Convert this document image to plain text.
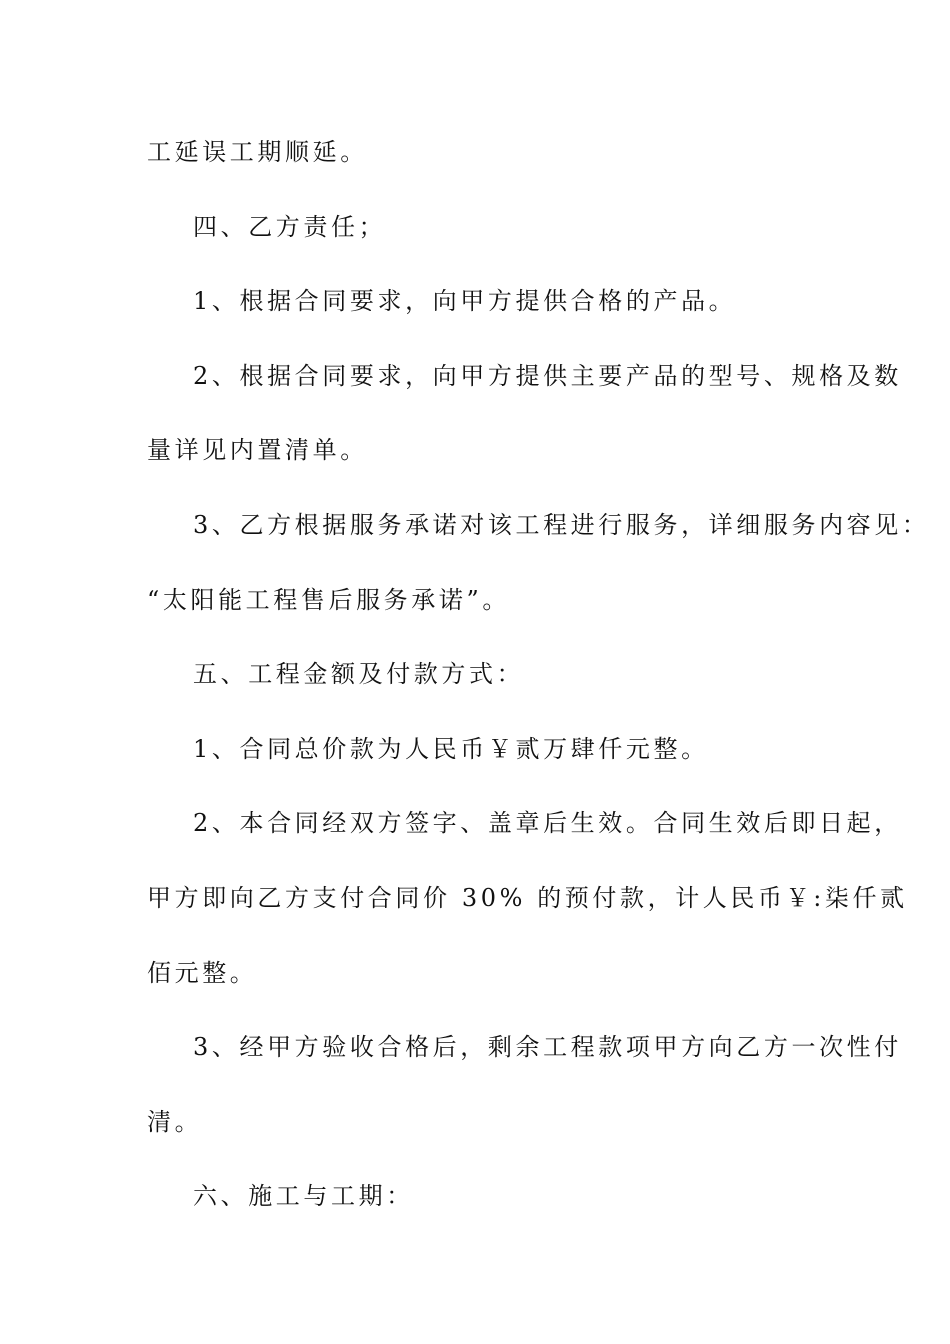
工延误工期顺延。
四、乙方责任；
1、根据合同要求，向甲方提供合格的产品。
2、根据合同要求，向甲方提供主要产品的型号、规格及数
量详见内置清单。
3、乙方根据服务承诺对该工程进行服务，详细服务内容见：
“太阳能工程售后服务承诺”。
五、工程金额及付款方式：
1、合同总价款为人民币￥贰万肆仟元整。
2、本合同经双方签字、盖章后生效。合同生效后即日起，
甲方即向乙方支付合同价 30% 的预付款，计人民币￥:柒仟贰
佰元整。
3、经甲方验收合格后，剩余工程款项甲方向乙方一次性付
清。
六、施工与工期：
